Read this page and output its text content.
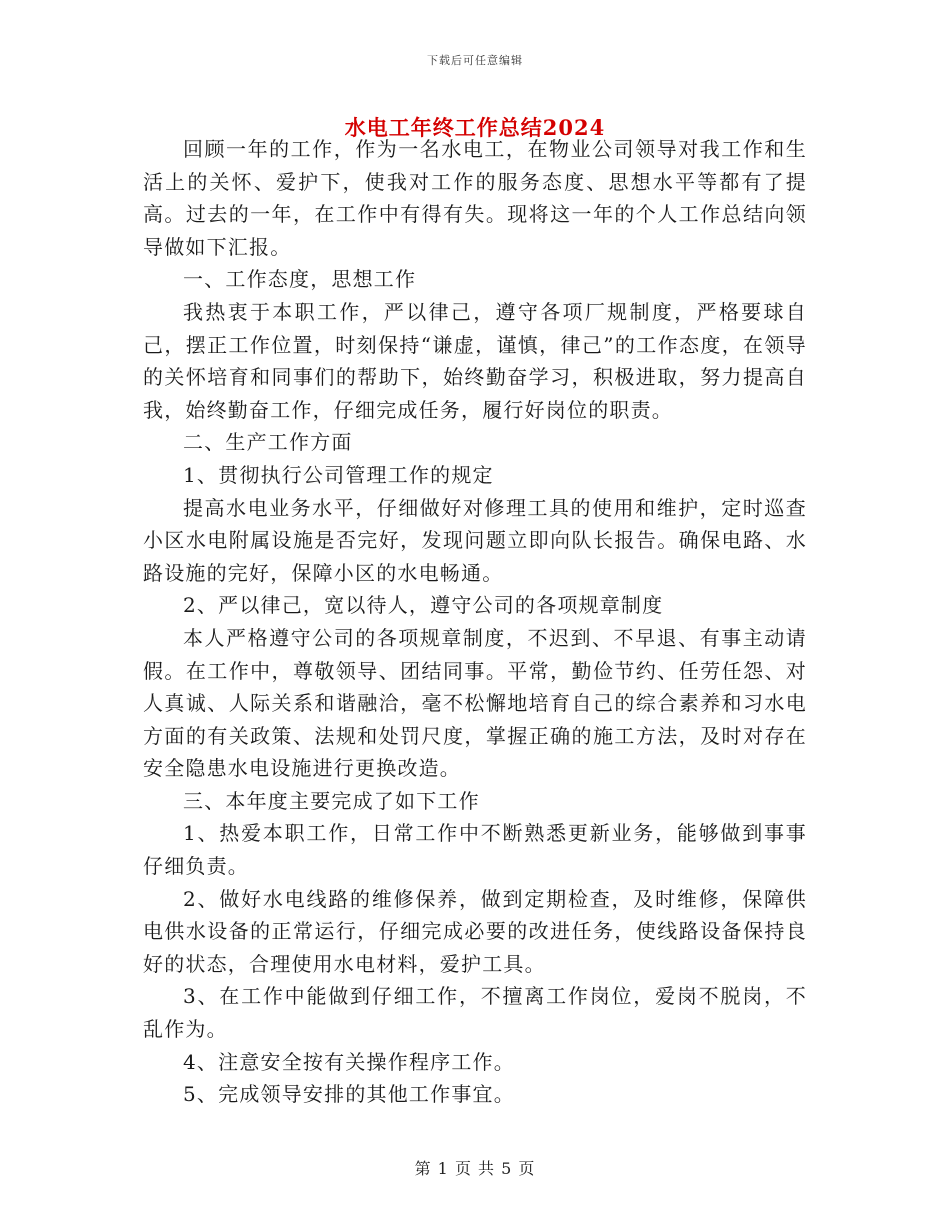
下载后可任意编辑
水电工年终工作总结2024

回顾一年的工作，作为一名水电工，在物业公司领导对我工作和生活上的关怀、爱护下，使我对工作的服务态度、思想水平等都有了提高。过去的一年，在工作中有得有失。现将这一年的个人工作总结向领导做如下汇报。

一、工作态度，思想工作

我热衷于本职工作，严以律己，遵守各项厂规制度，严格要球自己，摆正工作位置，时刻保持“谦虚，谨慎，律己”的工作态度，在领导的关怀培育和同事们的帮助下，始终勤奋学习，积极进取，努力提高自我，始终勤奋工作，仔细完成任务，履行好岗位的职责。

二、生产工作方面

1、贯彻执行公司管理工作的规定

提高水电业务水平，仔细做好对修理工具的使用和维护，定时巡查小区水电附属设施是否完好，发现问题立即向队长报告。确保电路、水路设施的完好，保障小区的水电畅通。

2、严以律己，宽以待人，遵守公司的各项规章制度

本人严格遵守公司的各项规章制度，不迟到、不早退、有事主动请假。在工作中，尊敬领导、团结同事。平常，勤俭节约、任劳任怨、对人真诚、人际关系和谐融洽，毫不松懈地培育自己的综合素养和习水电方面的有关政策、法规和处罚尺度，掌握正确的施工方法，及时对存在安全隐患水电设施进行更换改造。

三、本年度主要完成了如下工作

1、热爱本职工作，日常工作中不断熟悉更新业务，能够做到事事仔细负责。

2、做好水电线路的维修保养，做到定期检查，及时维修，保障供电供水设备的正常运行，仔细完成必要的改进任务，使线路设备保持良好的状态，合理使用水电材料，爱护工具。

3、在工作中能做到仔细工作，不擅离工作岗位，爱岗不脱岗，不乱作为。

4、注意安全按有关操作程序工作。

5、完成领导安排的其他工作事宜。

第 1 页 共 5 页
